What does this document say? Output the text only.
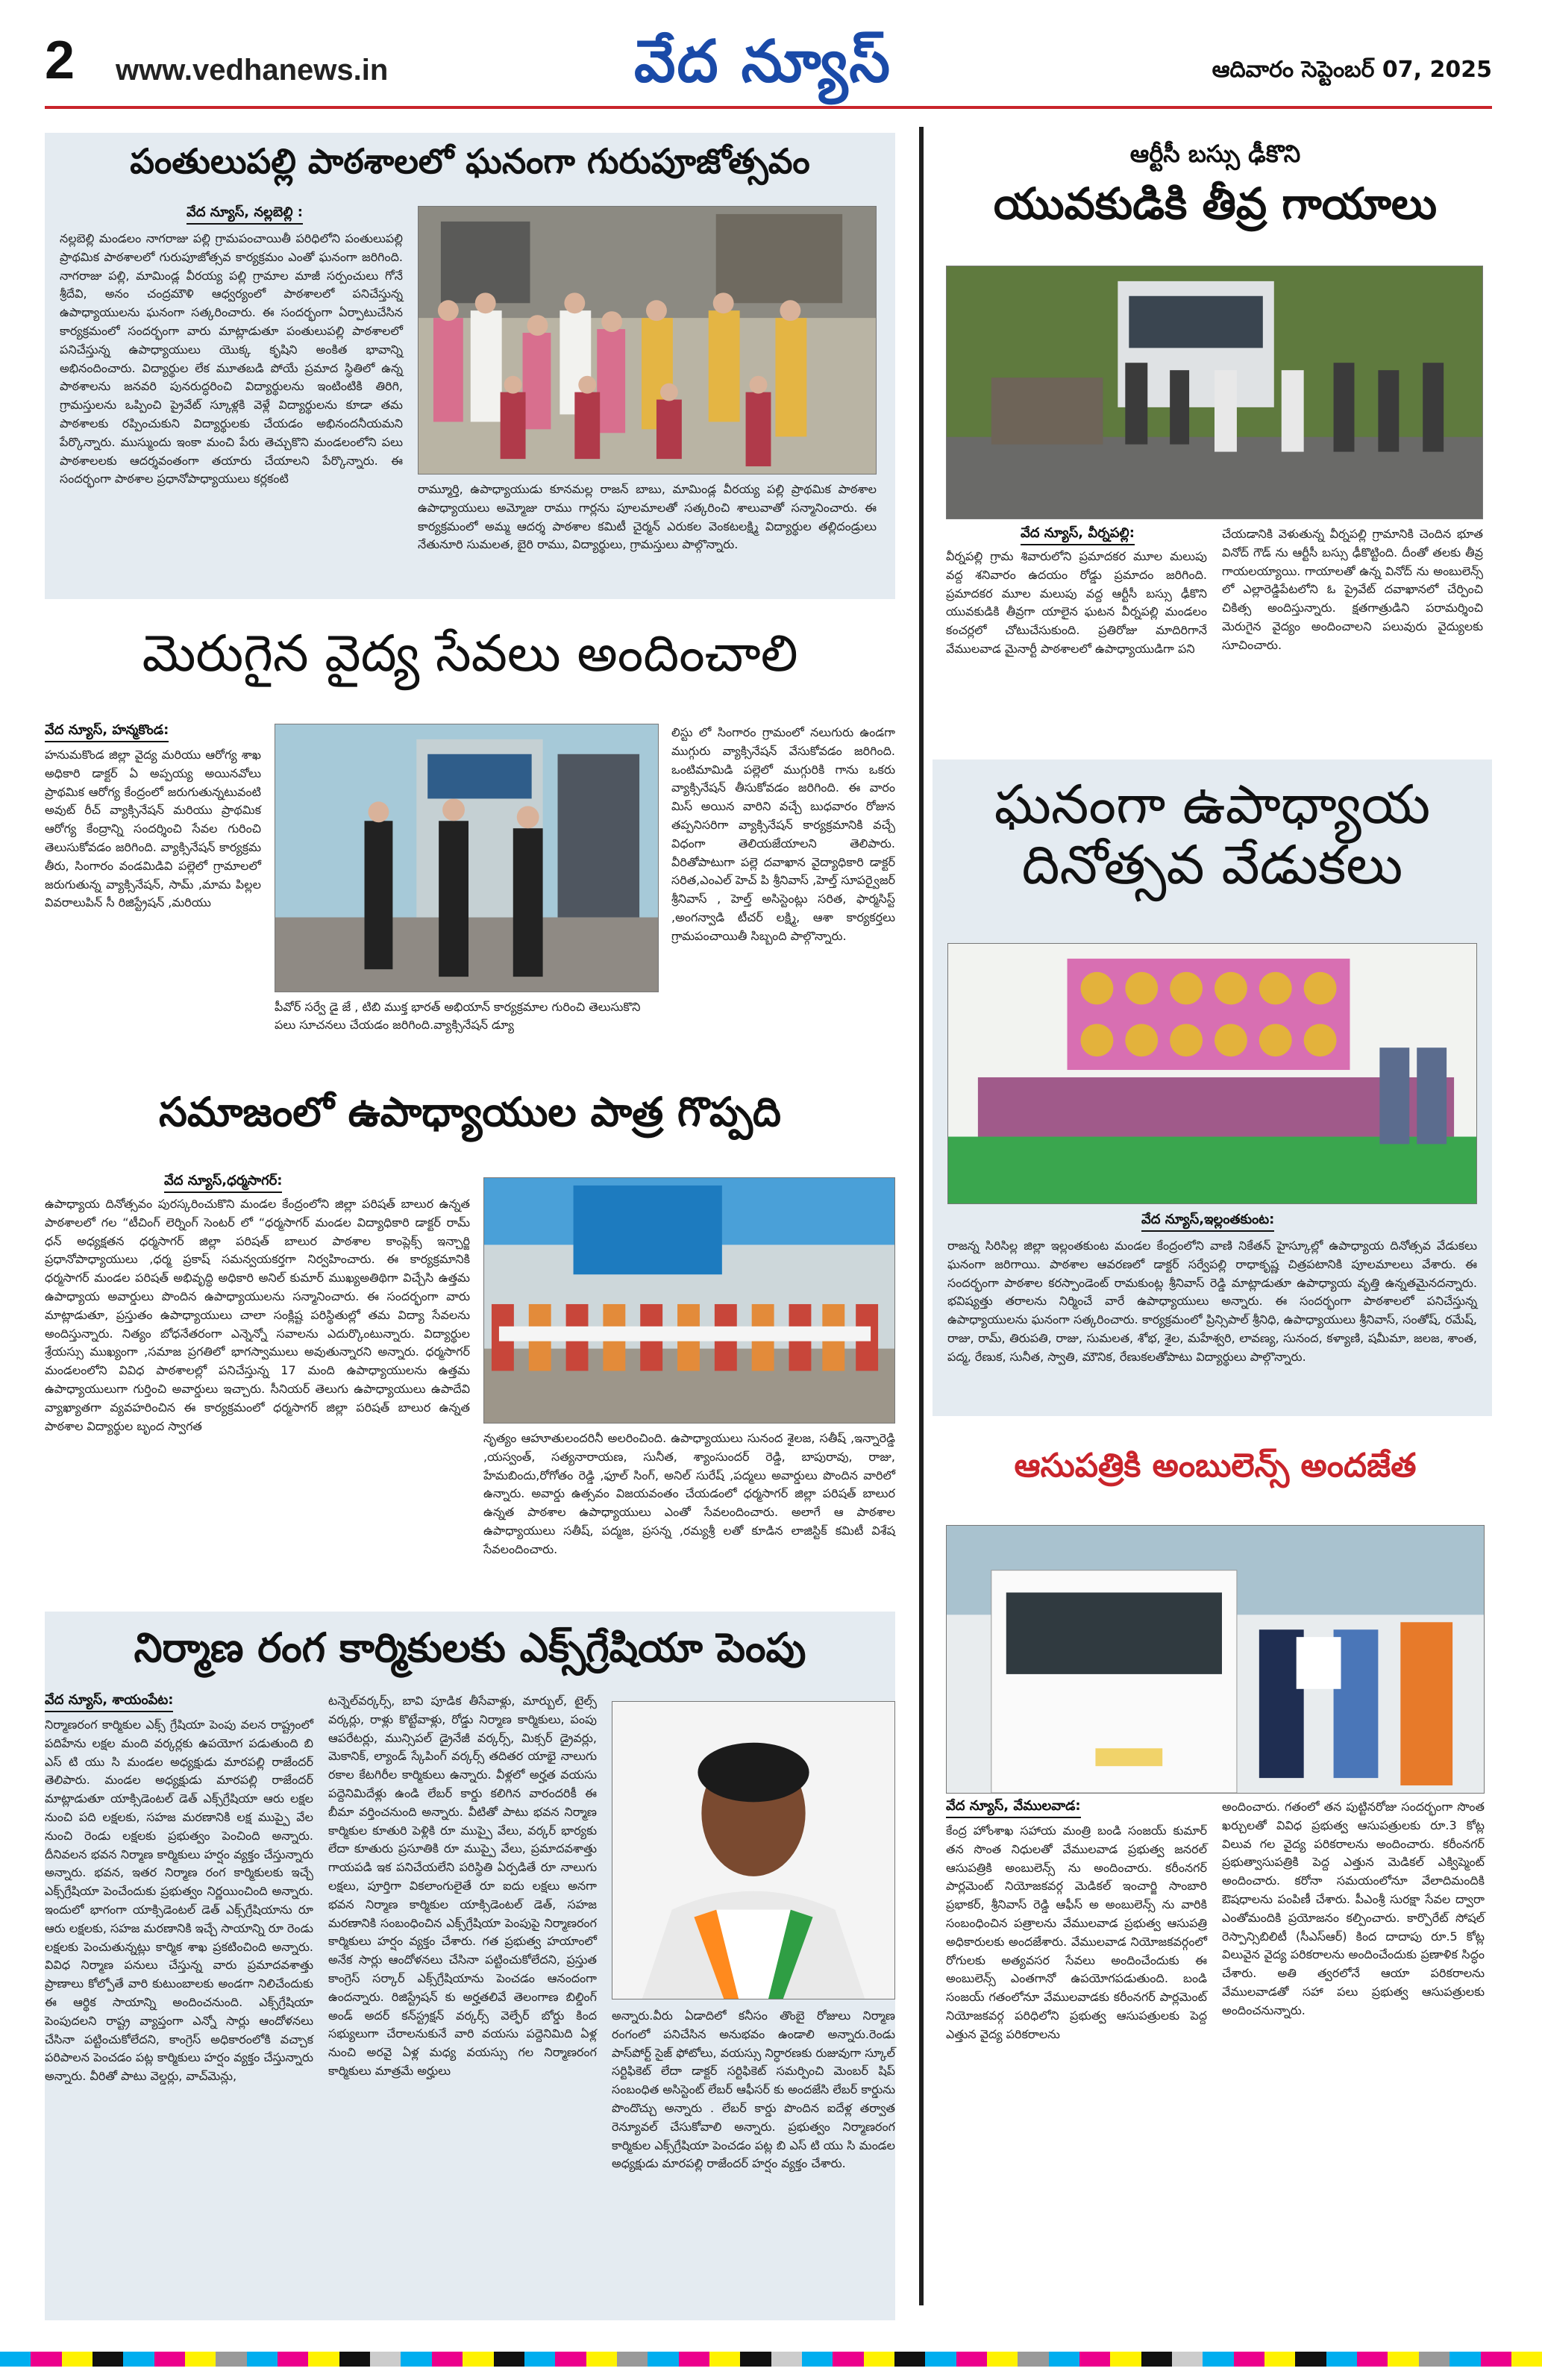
2 www.vedhanews.in	వేద న్యూస్	ఆదివారం సెప్టెంబర్ 07, 2025
పంతులుపల్లి పాఠశాలలో ఘనంగా గురుపూజోత్సవం
వేద న్యూస్, నల్లబెల్లి :
నల్లబెల్లి మండలం నాగరాజు పల్లి గ్రామపంచాయితీ పరిధిలోని పంతులుపల్లి ప్రాథమిక పాఠశాలలో గురుపూజోత్సవ కార్యక్రమం ఎంతో ఘనంగా జరిగింది. నాగరాజు పల్లి, మామిండ్ల వీరయ్య పల్లి గ్రామాల మాజీ సర్పంచులు గోనే శ్రీదేవి, అనం చంద్రమౌళి ఆధ్వర్యంలో పాఠశాలలో పనిచేస్తున్న ఉపాధ్యాయులను ఘనంగా సత్కరించారు. ఈ సందర్భంగా ఏర్పాటుచేసిన కార్యక్రమంలో సందర్భంగా వారు మాట్లాడుతూ పంతులుపల్లి పాఠశాలలో పనిచేస్తున్న ఉపాధ్యాయులు యొక్క కృషిని అంకిత భావాన్ని అభినందించారు. విద్యార్థుల లేక మూతబడి పోయే ప్రమాద స్థితిలో ఉన్న పాఠశాలను జనవరి పునరుద్ధరించి విద్యార్థులను ఇంటింటికి తిరిగి, గ్రామస్తులను ఒప్పించి ప్రైవేట్ స్కూళ్లకి వెళ్లే విద్యార్థులను కూడా తమ పాఠశాలకు రప్పించుకుని విద్యార్థులకు చేయడం అభినందనీయమని పేర్కొన్నారు. ముస్ముందు ఇంకా మంచి పేరు తెచ్చుకొని మండలంలోని పలు పాఠశాలలకు ఆదర్శవంతంగా తయారు చేయాలని పేర్కొన్నారు. ఈ సందర్భంగా పాఠశాల ప్రధానోపాధ్యాయులు కర్లకంటి
రామ్మూర్తి, ఉపాధ్యాయుడు కూనమల్ల రాజన్ బాబు, మామిండ్ల వీరయ్య పల్లి ప్రాథమిక పాఠశాల ఉపాధ్యాయులు అమ్మోజు రాము గార్లను పూలమాలతో సత్కరించి శాలువాతో సన్మానించారు. ఈ కార్యక్రమంలో అమ్మ ఆదర్శ పాఠశాల కమిటీ చైర్మన్ ఎరుకల వెంకటలక్ష్మి విద్యార్థుల తల్లిదండ్రులు నేతునూరి సుమలత, బైరి రాము, విద్యార్థులు, గ్రామస్తులు పాల్గొన్నారు.
ఆర్టీసీ బస్సు ఢీకొని
యువకుడికి తీవ్ర గాయాలు
వేద న్యూస్, వీర్నపల్లి:
వీర్నపల్లి గ్రామ శివారులోని ప్రమాదకర మూల మలుపు వద్ద శనివారం ఉదయం రోడ్డు ప్రమాదం జరిగింది. ప్రమాదకర మూల మలుపు వద్ద ఆర్టీసీ బస్సు ఢీకొని యువకుడికి తీవ్రగా యాలైన ఘటన వీర్నపల్లి మండలం కంచర్లలో చోటుచేసుకుంది. ప్రతిరోజు మాదిరిగానే వేములవాడ మైనార్టీ పాఠశాలలో ఉపాధ్యాయుడిగా పని
చేయడానికి వెళుతున్న వీర్నపల్లి గ్రామానికి చెందిన భూత వినోద్ గౌడ్ ను ఆర్టీసీ బస్సు ఢీకొట్టింది. దీంతో తలకు తీవ్ర గాయలయ్యాయి. గాయాలతో ఉన్న వినోద్ ను అంబులెన్స్ లో ఎల్లారెడ్డిపేటలోని ఓ ప్రైవేట్ దవాఖానలో చేర్పించి చికిత్స అందిస్తున్నారు. క్షతగాత్రుడిని పరామర్శించి మెరుగైన వైద్యం అందించాలని పలువురు వైద్యులకు సూచించారు.
మెరుగైన వైద్య సేవలు అందించాలి
వేద న్యూస్, హన్మకొండ:
హనుమకొండ జిల్లా వైద్య మరియు ఆరోగ్య శాఖ అధికారి డాక్టర్ ఏ అప్పయ్య అయినవోలు ప్రాథమిక ఆరోగ్య కేంద్రంలో జరుగుతున్నటువంటి అవుట్ రీచ్ వ్యాక్సినేషన్ మరియు ప్రాథమిక ఆరోగ్య కేంద్రాన్ని సందర్శించి సేవల గురించి తెలుసుకోవడం జరిగింది. వ్యాక్సినేషన్ కార్యక్రమ తీరు, సింగారం వండమిడివి పల్లెలో గ్రామాలలో జరుగుతున్న వ్యాక్సినేషన్, సామ్ ,మామ పిల్లల వివరాలుపిన్ సీ రిజిస్ట్రేషన్ ,మరియు
పీవోర్ సర్వే డై జే , టిబి ముక్త భారత్ అభియాన్ కార్యక్రమాల గురించి తెలుసుకొని పలు సూచనలు చేయడం జరిగింది.వ్యాక్సినేషన్ డ్యూ
లిస్టు లో సింగారం గ్రామంలో నలుగురు ఉండగా ముగ్గురు వ్యాక్సినేషన్ వేసుకోవడం జరిగింది. ఒంటిమామిడి పల్లెలో ముగ్గురికి గాను ఒకరు వ్యాక్సినేషన్ తీసుకోవడం జరిగింది. ఈ వారం మిస్ అయిన వారిని వచ్చే బుధవారం రోజున తప్పనిసరిగా వ్యాక్సినేషన్ కార్యక్రమానికి వచ్చే విధంగా తెలియజేయాలని తెలిపారు. వీరితోపాటుగా పల్లె దవాఖాన వైద్యాధికారి డాక్టర్ సరిత,ఎంఎల్ హెచ్ పి శ్రీనివాస్ ,హెల్త్ సూపర్వైజర్ శ్రీనివాస్ , హెల్త్ అసిస్టెంట్లు సరిత, ఫార్మసిస్ట్ ,అంగన్వాడి టీచర్ లక్ష్మి, ఆశా కార్యకర్తలు గ్రామపంచాయితీ సిబ్బంది పాల్గొన్నారు.
ఘనంగా ఉపాధ్యాయ దినోత్సవ వేడుకలు
వేద న్యూస్,ఇల్లంతకుంట:
రాజన్న సిరిసిల్ల జిల్లా ఇల్లంతకుంట మండల కేంద్రంలోని వాణి నికేతన్ హైస్కూల్లో ఉపాధ్యాయ దినోత్సవ వేడుకలు ఘనంగా జరిగాయి. పాఠశాల ఆవరణలో డాక్టర్ సర్వేపల్లి రాధాకృష్ణ చిత్రపటానికి పూలమాలలు వేశారు. ఈ సందర్భంగా పాఠశాల కరస్పాండెంట్ రామకుంట్ల శ్రీనివాస్ రెడ్డి మాట్లాడుతూ ఉపాధ్యాయ వృత్తి ఉన్నతమైనదన్నారు. భవిష్యత్తు తరాలను నిర్మించే వారే ఉపాధ్యాయులు అన్నారు. ఈ సందర్భంగా పాఠశాలలో పనిచేస్తున్న ఉపాధ్యాయులను ఘనంగా సత్కరించారు. కార్యక్రమంలో ప్రిన్సిపాల్ శ్రీనిధి, ఉపాధ్యాయులు శ్రీనివాస్, సంతోష్, రమేష్, రాజు, రామ్, తిరుపతి, రాజు, సుమలత, శోభ, శైల, మహేశ్వరి, లావణ్య, సునంద, కళ్యాణి, షమీమా, జలజ, శాంత, పద్మ, రేణుక, సునీత, స్వాతి, మౌనిక, రేణుకలతోపాటు విద్యార్థులు పాల్గొన్నారు.
సమాజంలో ఉపాధ్యాయుల పాత్ర గొప్పది
వేద న్యూస్,ధర్మసాగర్:
ఉపాధ్యాయ దినోత్సవం పురస్కరించుకొని మండల కేంద్రంలోని జిల్లా పరిషత్ బాలుర ఉన్నత పాఠశాలలో గల “టీచింగ్ లెర్నింగ్ సెంటర్ లో “ధర్మసాగర్ మండల విద్యాధికారి డాక్టర్ రామ్ ధన్ అధ్యక్షతన ధర్మసాగర్ జిల్లా పరిషత్ బాలుర పాఠశాల కాంప్లెక్స్ ఇన్చార్జి ప్రధానోపాధ్యాయులు ,ధర్మ ప్రకాష్ సమన్వయకర్తగా నిర్వహించారు. ఈ కార్యక్రమానికి ధర్మసాగర్ మండల పరిషత్ అభివృద్ధి అధికారి అనిల్ కుమార్ ముఖ్యఅతిథిగా విచ్చేసి ఉత్తమ ఉపాధ్యాయ అవార్డులు పొందిన ఉపాధ్యాయులను సన్మానించారు. ఈ సందర్భంగా వారు మాట్లాడుతూ, ప్రస్తుతం ఉపాధ్యాయులు చాలా సంక్లిష్ట పరిస్థితుల్లో తమ విద్యా సేవలను అందిస్తున్నారు. నిత్యం బోధనేతరంగా ఎన్నెన్నో సవాలను ఎదుర్కొంటున్నారు. విద్యార్థుల శ్రేయస్సు ముఖ్యంగా ,సమాజ ప్రగతిలో భాగస్వాములు అవుతున్నారని అన్నారు. ధర్మసాగర్ మండలంలోని వివిధ పాఠశాలల్లో పనిచేస్తున్న 17 మంది ఉపాధ్యాయులను ఉత్తమ ఉపాధ్యాయులుగా గుర్తించి అవార్డులు ఇచ్చారు. సీనియర్ తెలుగు ఉపాధ్యాయులు ఉపాదేవి వ్యాఖ్యాతగా వ్యవహరించిన ఈ కార్యక్రమంలో ధర్మసాగర్ జిల్లా పరిషత్ బాలుర ఉన్నత పాఠశాల విద్యార్థుల బృంద స్వాగత
నృత్యం ఆహూతులందరినీ అలరించింది. ఉపాధ్యాయులు సునంద శైలజ, సతీష్ ,ఇన్నారెడ్డి ,యస్వంత్, సత్యనారాయణ, సునీత, శ్యాంసుందర్ రెడ్డి, బాపురావు, రాజు, హేమబిందు,రోగోతం రెడ్డి ,ఫూల్ సింగ్, అనిల్ సురేష్ ,పద్మలు అవార్డులు పొందిన వారిలో ఉన్నారు. అవార్డు ఉత్సవం విజయవంతం చేయడంలో ధర్మసాగర్ జిల్లా పరిషత్ బాలుర ఉన్నత పాఠశాల ఉపాధ్యాయులు ఎంతో సేవలందించారు. అలాగే ఆ పాఠశాల ఉపాధ్యాయులు సతీష్, పద్మజ, ప్రసన్న ,రమ్యశ్రీ లతో కూడిన లాజిస్టిక్ కమిటీ విశేష సేవలందించారు.
ఆసుపత్రికి అంబులెన్స్ అందజేత
వేద న్యూస్, వేములవాడ:
కేంద్ర హోంశాఖ సహాయ మంత్రి బండి సంజయ్ కుమార్ తన సొంత నిధులతో వేములవాడ ప్రభుత్వ జనరల్ ఆసుపత్రికి అంబులెన్స్ ను అందించారు. కరీంనగర్ పార్లమెంట్ నియోజకవర్గ మెడికల్ ఇంచార్జి సాంబారి ప్రభాకర్, శ్రీనివాస్ రెడ్డి ఆఫీస్ అ అంబులెన్స్ ను వారికి సంబంధించిన పత్రాలను వేములవాడ ప్రభుత్వ ఆసుపత్రి అధికారులకు అందజేశారు. వేములవాడ నియోజకవర్గంలో రోగులకు అత్యవసర సేవలు అందించేందుకు ఈ అంబులెన్స్ ఎంతగానో ఉపయోగపడుతుంది. బండి సంజయ్ గతంలోనూ వేములవాడకు కరీంనగర్ పార్లమెంట్ నియోజకవర్గ పరిధిలోని ప్రభుత్వ ఆసుపత్రులకు పెద్ద ఎత్తున వైద్య పరికరాలను
అందించారు. గతంలో తన పుట్టినరోజు సందర్భంగా సొంత ఖర్చులతో వివిధ ప్రభుత్వ ఆసుపత్రులకు రూ.3 కోట్ల విలువ గల వైద్య పరికరాలను అందించారు. కరీంనగర్ ప్రభుత్వాసుపత్రికి పెద్ద ఎత్తున మెడికల్ ఎక్విప్మెంట్ అందించారు. కరోనా సమయంలోనూ వేలాదిమందికి ఔషధాలను పంపిణీ చేశారు. పీఎంశ్రీ సురక్షా సేవల ద్వారా ఎంతోమందికి ప్రయోజనం కల్పించారు. కార్పొరేట్ సోషల్ రెస్పాన్సిబిలిటీ (సీఎస్ఆర్) కింద దాదాపు రూ.5 కోట్ల విలువైన వైద్య పరికరాలను అందించేందుకు ప్రణాళిక సిద్ధం చేశారు. అతి త్వరలోనే ఆయా పరికరాలను వేములవాడతో సహా పలు ప్రభుత్వ ఆసుపత్రులకు అందించనున్నారు.
నిర్మాణ రంగ కార్మికులకు ఎక్స్‌గ్రేషియా పెంపు
వేద న్యూస్, శాయంపేట:
నిర్మాణరంగ కార్మికుల ఎక్స్ గ్రేషియా పెంపు వలన రాష్ట్రంలో పదిహేను లక్షల మంది వర్కర్లకు ఉపయోగ పడుతుంది బి ఎస్ టి యు సి మండల అధ్యక్షుడు మారపల్లి రాజేందర్ తెలిపారు. మండల అధ్యక్షుడు మారపల్లి రాజేందర్ మాట్లాడుతూ యాక్సిడెంటల్ డెత్ ఎక్స్‌గ్రేషియా ఆరు లక్షల నుంచి పది లక్షలకు, సహజ మరణానికి లక్ష ముప్పై వేల నుంచి రెండు లక్షలకు ప్రభుత్వం పెంచింది అన్నారు. దీనివలన భవన నిర్మాణ కార్మికులు హర్షం వ్యక్తం చేస్తున్నారు అన్నారు. భవన, ఇతర నిర్మాణ రంగ కార్మికులకు ఇచ్చే ఎక్స్‌గ్రేషియా పెంచేందుకు ప్రభుత్వం నిర్ణయించింది అన్నారు. ఇందులో భాగంగా యాక్సిడెంటల్ డెత్ ఎక్స్‌గ్రేషియాను రూ ఆరు లక్షలకు, సహజ మరణానికి ఇచ్చే సాయాన్ని రూ రెండు లక్షలకు పెంచుతున్నట్లు కార్మిక శాఖ ప్రకటించింది అన్నారు. వివిధ నిర్మాణ పనులు చేస్తున్న వారు ప్రమాదవశాత్తు ప్రాణాలు కోల్పోతే వారి కుటుంబాలకు అండగా నిలిచేందుకు ఈ ఆర్థిక సాయాన్ని అందించనుంది. ఎక్స్‌గ్రేషియా పెంపుదలని రాష్ట్ర వ్యాప్తంగా ఎన్నో సార్లు ఆందోళనలు చేసినా పట్టించుకోలేదని, కాంగ్రెస్ అధికారంలోకి వచ్చాక పరిపాలన పెంచడం పట్ల కార్మికులు హర్షం వ్యక్తం చేస్తున్నారు అన్నారు. వీరితో పాటు వెల్డర్లు, వాచ్‌మెన్లు,
టన్నెల్‌వర్కర్స్, బావి పూడిక తీసేవాళ్లు, మార్బుల్, టైల్స్ వర్కర్లు, రాళ్లు కొట్టేవాళ్లు, రోడ్డు నిర్మాణ కార్మికులు, పంపు ఆపరేటర్లు, మున్సిపల్ డ్రైనేజీ వర్కర్స్, మిక్సర్ డ్రైవర్లు, మెకానిక్, ల్యాండ్ స్కేపింగ్ వర్కర్స్ తదితర యాభై నాలుగు రకాల కేటగిరీల కార్మికులు ఉన్నారు. వీళ్లలో అర్హత వయసు పద్దెనిమిదేళ్లు ఉండి లేబర్ కార్డు కలిగిన వారందరికీ ఈ బీమా వర్తించనుంది అన్నారు. వీటితో పాటు భవన నిర్మాణ కార్మికుల కూతురి పెళ్లికి రూ ముప్పై వేలు, వర్కర్ భార్యకు లేదా కూతురు ప్రసూతికి రూ ముప్పై వేలు, ప్రమాదవశాత్తు గాయపడి ఇక పనిచేయలేని పరిస్థితి ఏర్పడితే రూ నాలుగు లక్షలు, పూర్తిగా వికలాంగులైతే రూ ఐదు లక్షలు అనగా భవన నిర్మాణ కార్మికుల యాక్సిడెంటల్ డెత్, సహజ మరణానికి సంబంధించిన ఎక్స్‌గ్రేషియా పెంపుపై నిర్మాణరంగ కార్మికులు హర్షం వ్యక్తం చేశారు. గత ప్రభుత్వ హయాంలో అనేక సార్లు ఆందోళనలు చేసినా పట్టించుకోలేదని, ప్రస్తుత కాంగ్రెస్ సర్కార్ ఎక్స్‌గ్రేషియాను పెంచడం ఆనందంగా ఉందన్నారు. రిజిస్ట్రేషన్ కు అర్హతలివే తెలంగాణ బిల్డింగ్ అండ్ అదర్ కన్‌స్ట్రక్షన్ వర్కర్స్ వెల్ఫేర్ బోర్డు కింద సభ్యులుగా చేరాలనుకునే వారి వయసు పద్దెనిమిది ఏళ్ల నుంచి అరవై ఏళ్ల మధ్య వయస్సు గల నిర్మాణరంగ కార్మికులు మాత్రమే అర్హులు
అన్నారు.వీరు ఏడాదిలో కనీసం తొంబై రోజులు నిర్మాణ రంగంలో పనిచేసిన అనుభవం ఉండాలి అన్నారు.రెండు పాస్‌పోర్ట్ సైజ్ ఫోటోలు, వయస్సు నిర్ధారణకు రుజువుగా స్కూల్ సర్టిఫికెట్ లేదా డాక్టర్ సర్టిఫికెట్ సమర్పించి మెంబర్ షిప్ సంబంధిత అసిస్టెంట్ లేబర్ ఆఫీసర్ కు అందజేసి లేబర్ కార్డును పొందొచ్చు అన్నారు . లేబర్ కార్డు పొందిన ఐదేళ్ల తర్వాత రెన్యూవల్ చేసుకోవాలి అన్నారు. ప్రభుత్వం నిర్మాణరంగ కార్మికుల ఎక్స్‌గ్రేషియా పెంచడం పట్ల బి ఎస్ టి యు సి మండల అధ్యక్షుడు మారపల్లి రాజేందర్ హర్షం వ్యక్తం చేశారు.
